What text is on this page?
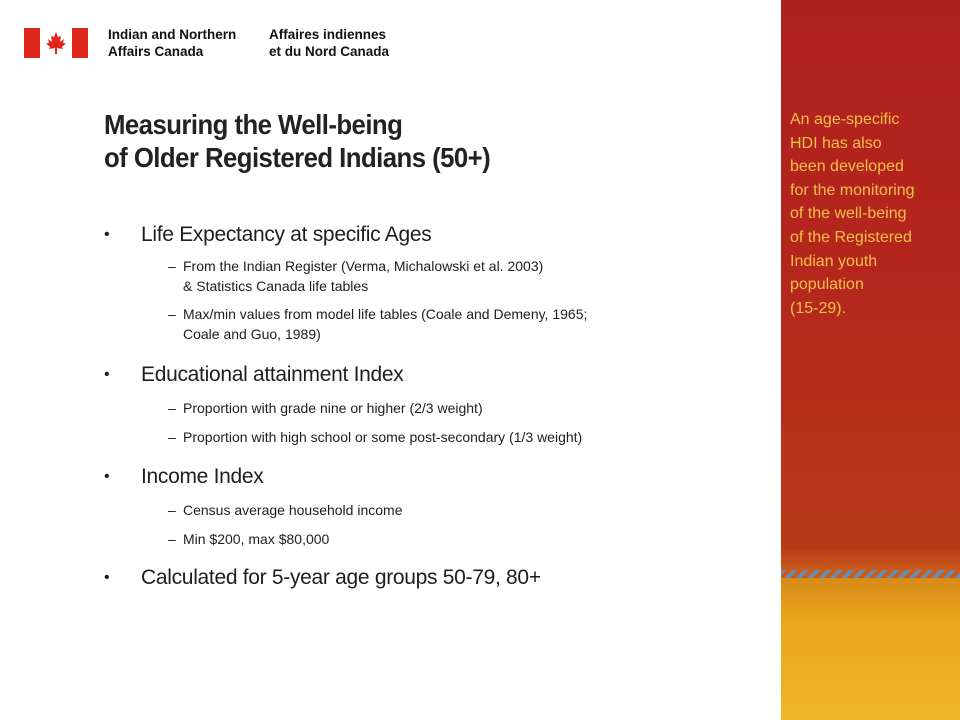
Indian and Northern
Affairs Canada
Affaires indiennes
et du Nord Canada
Measuring the Well-being
of Older Registered Indians (50+)
• Life Expectancy at specific Ages
– From the Indian Register (Verma, Michalowski et al. 2003)
& Statistics Canada life tables
– Max/min values from model life tables (Coale and Demeny, 1965;
Coale and Guo, 1989)
• Educational attainment Index
– Proportion with grade nine or higher (2/3 weight)
– Proportion with high school or some post-secondary (1/3 weight)
• Income Index
– Census average household income
– Min $200, max $80,000
• Calculated for 5-year age groups 50-79, 80+
An age-specific
HDI has also
been developed
for the monitoring
of the well-being
of the Registered
Indian youth
population
(15-29).
